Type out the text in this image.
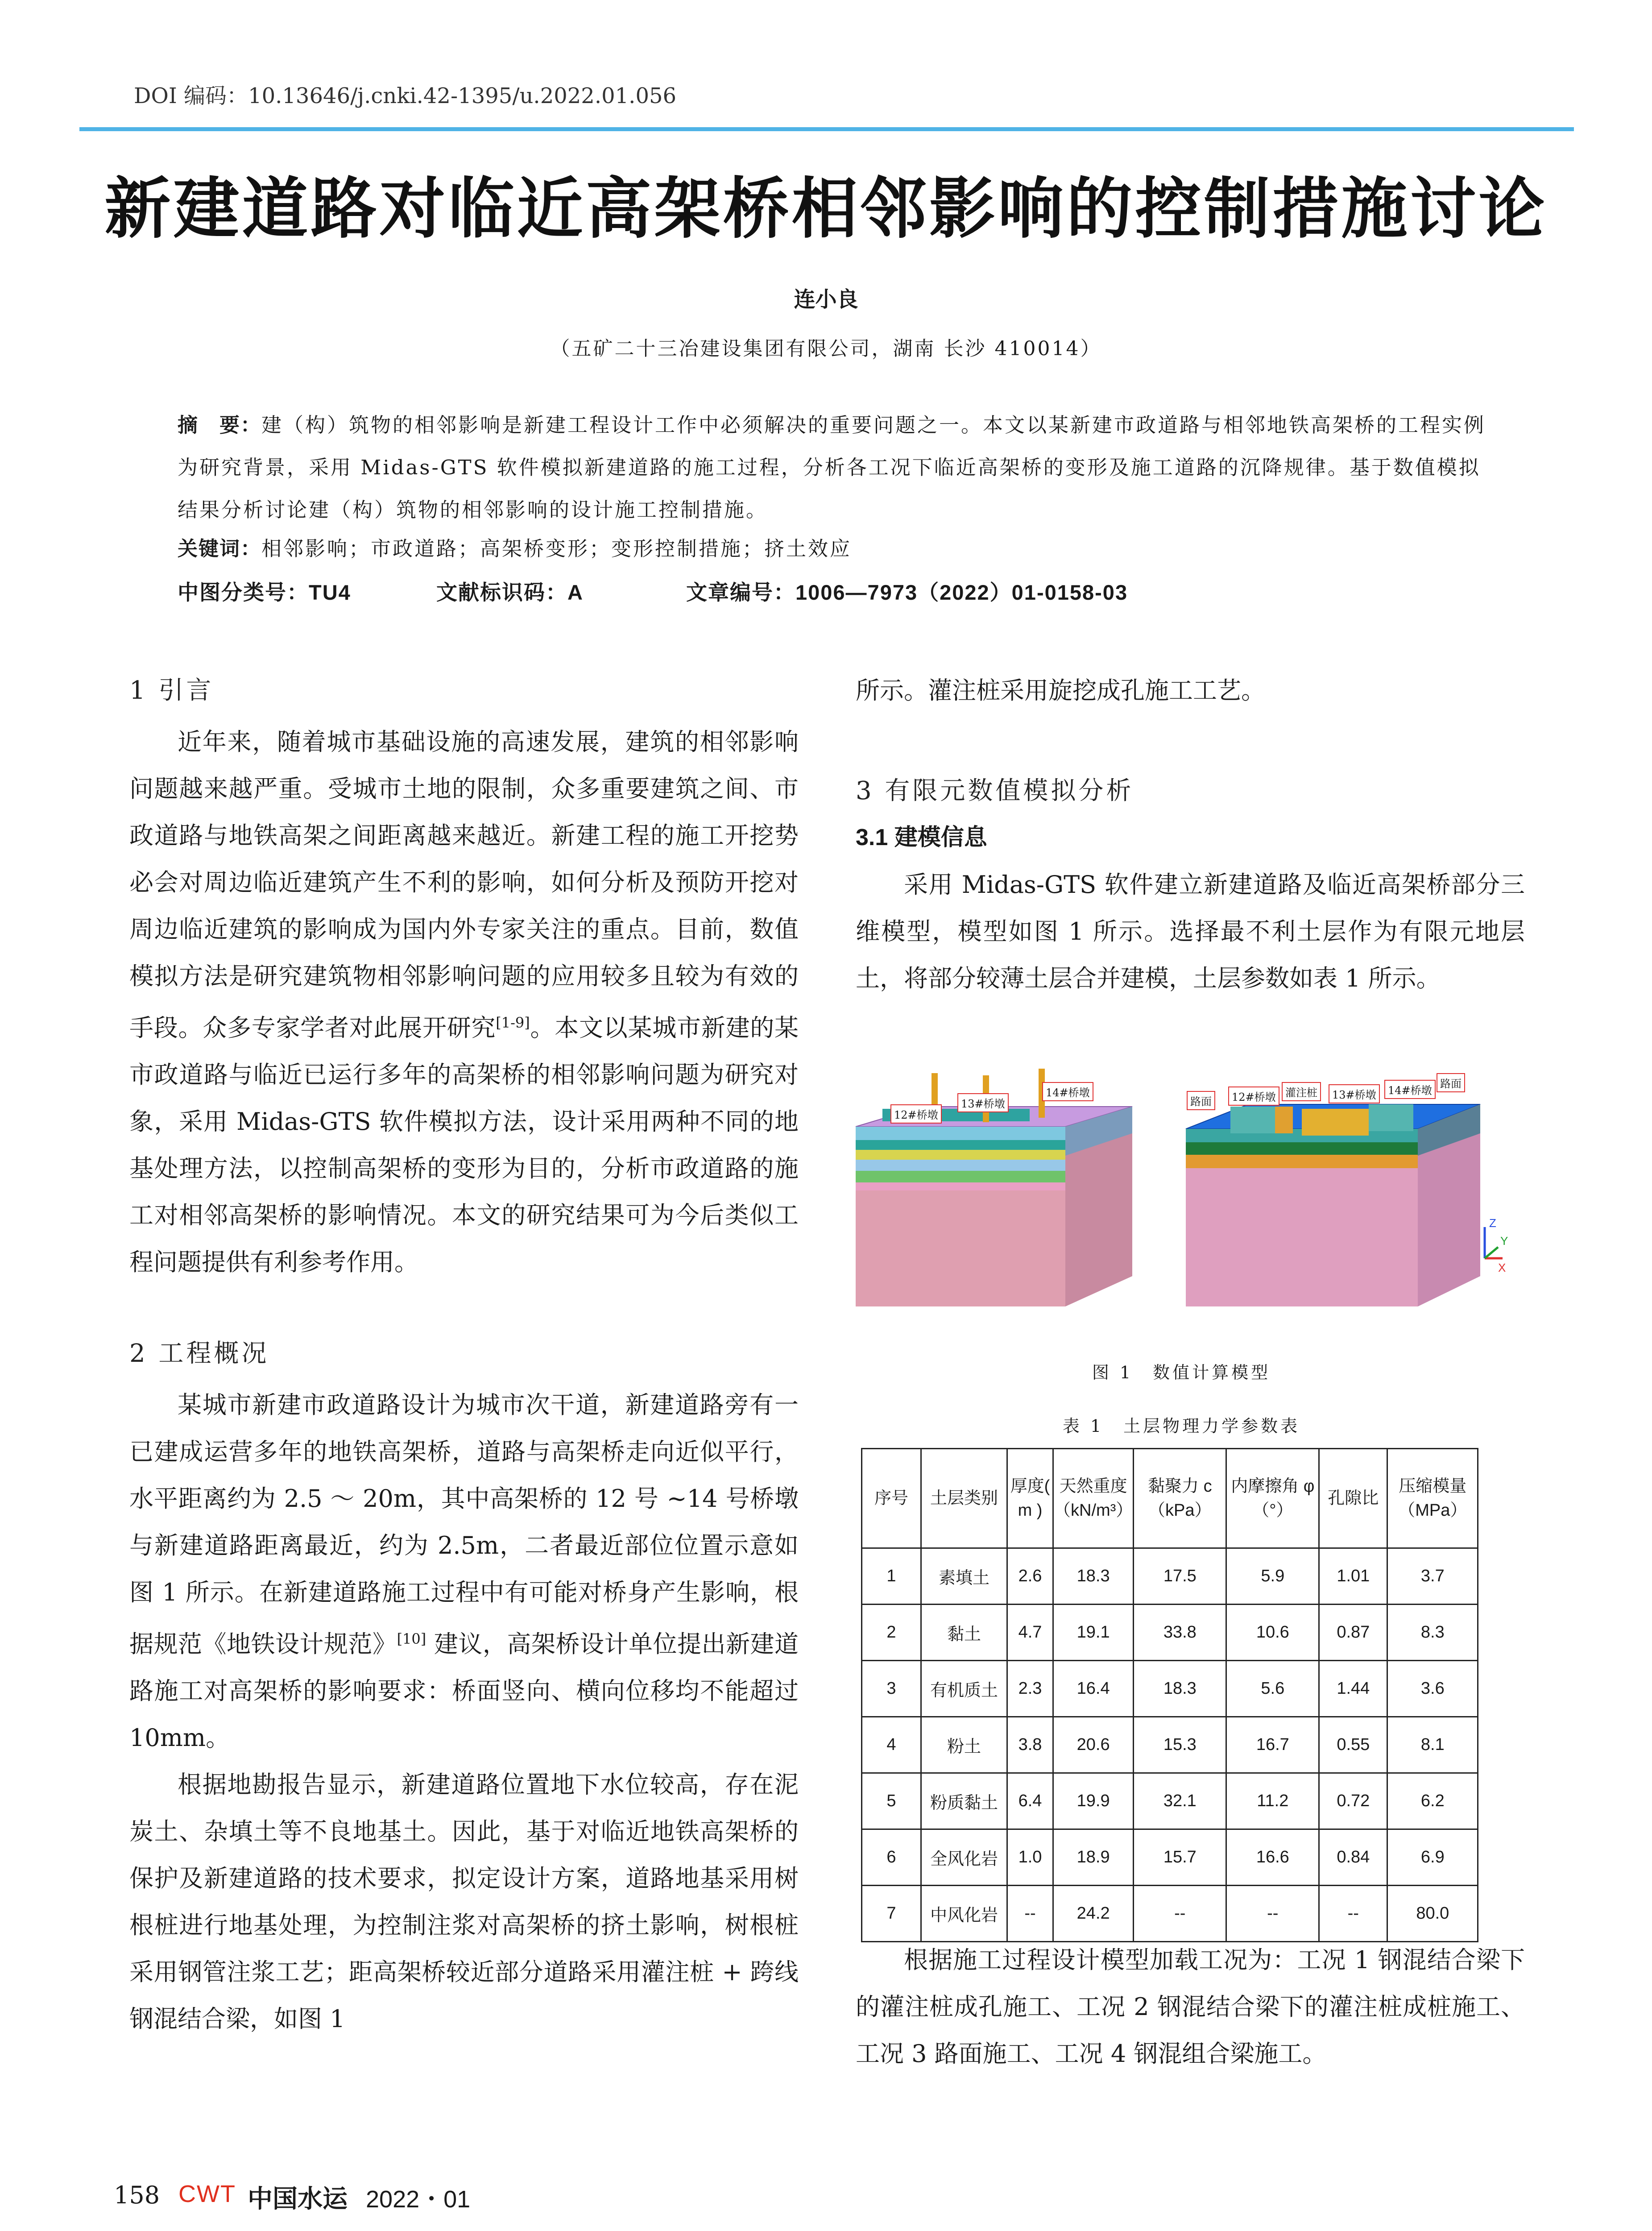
DOI 编码：10.13646/j.cnki.42-1395/u.2022.01.056
新建道路对临近高架桥相邻影响的控制措施讨论
连小良
（五矿二十三冶建设集团有限公司，湖南 长沙 410014）
摘　要：建（构）筑物的相邻影响是新建工程设计工作中必须解决的重要问题之一。本文以某新建市政道路与相邻地铁高架桥的工程实例为研究背景，采用 Midas-GTS 软件模拟新建道路的施工过程，分析各工况下临近高架桥的变形及施工道路的沉降规律。基于数值模拟结果分析讨论建（构）筑物的相邻影响的设计施工控制措施。
关键词：相邻影响；市政道路；高架桥变形；变形控制措施；挤土效应
中图分类号：TU4	文献标识码：A	文章编号：1006—7973（2022）01-0158-03
1 引言

近年来，随着城市基础设施的高速发展，建筑的相邻影响问题越来越严重。受城市土地的限制，众多重要建筑之间、市政道路与地铁高架之间距离越来越近。新建工程的施工开挖势必会对周边临近建筑产生不利的影响，如何分析及预防开挖对周边临近建筑的影响成为国内外专家关注的重点。目前，数值模拟方法是研究建筑物相邻影响问题的应用较多且较为有效的手段。众多专家学者对此展开研究[1-9]。本文以某城市新建的某市政道路与临近已运行多年的高架桥的相邻影响问题为研究对象，采用 Midas-GTS 软件模拟方法，设计采用两种不同的地基处理方法，以控制高架桥的变形为目的，分析市政道路的施工对相邻高架桥的影响情况。本文的研究结果可为今后类似工程问题提供有利参考作用。

2 工程概况

某城市新建市政道路设计为城市次干道，新建道路旁有一已建成运营多年的地铁高架桥，道路与高架桥走向近似平行，水平距离约为 2.5 ～ 20m，其中高架桥的 12 号 ~14 号桥墩与新建道路距离最近，约为 2.5m，二者最近部位位置示意如图 1 所示。在新建道路施工过程中有可能对桥身产生影响，根据规范《地铁设计规范》[10] 建议，高架桥设计单位提出新建道路施工对高架桥的影响要求：桥面竖向、横向位移均不能超过 10mm。

根据地勘报告显示，新建道路位置地下水位较高，存在泥炭土、杂填土等不良地基土。因此，基于对临近地铁高架桥的保护及新建道路的技术要求，拟定设计方案，道路地基采用树根桩进行地基处理，为控制注浆对高架桥的挤土影响，树根桩采用钢管注浆工艺；距高架桥较近部分道路采用灌注桩 + 跨线钢混结合梁，如图 1

所示。灌注桩采用旋挖成孔施工工艺。

3 有限元数值模拟分析
3.1 建模信息

采用 Midas-GTS 软件建立新建道路及临近高架桥部分三维模型，模型如图 1 所示。选择最不利土层作为有限元地层土，将部分较薄土层合并建模，土层参数如表 1 所示。

Z
X
Y
12#桥墩
13#桥墩
14#桥墩
路面	12#桥墩 灌注桩	13#桥墩	14#桥墩
路面
图 1　数值计算模型
表 1　土层物理力学参数表
序号	土层类别	厚度( m )	天然重度（kN/m³）	黏聚力 c（kPa）	内摩擦角 φ（°）	孔隙比	压缩模量（MPa）
1	素填土	2.6	18.3	17.5	5.9	1.01	3.7
2	黏土	4.7	19.1	33.8	10.6	0.87	8.3
3	有机质土	2.3	16.4	18.3	5.6	1.44	3.6
4	粉土	3.8	20.6	15.3	16.7	0.55	8.1
5	粉质黏土	6.4	19.9	32.1	11.2	0.72	6.2
6	全风化岩	1.0	18.9	15.7	16.6	0.84	6.9
7	中风化岩	--	24.2	--	--	--	80.0

根据施工过程设计模型加载工况为：工况 1 钢混结合梁下的灌注桩成孔施工、工况 2 钢混结合梁下的灌注桩成桩施工、工况 3 路面施工、工况 4 钢混组合梁施工。

158 CWT 中国水运 2022・01
